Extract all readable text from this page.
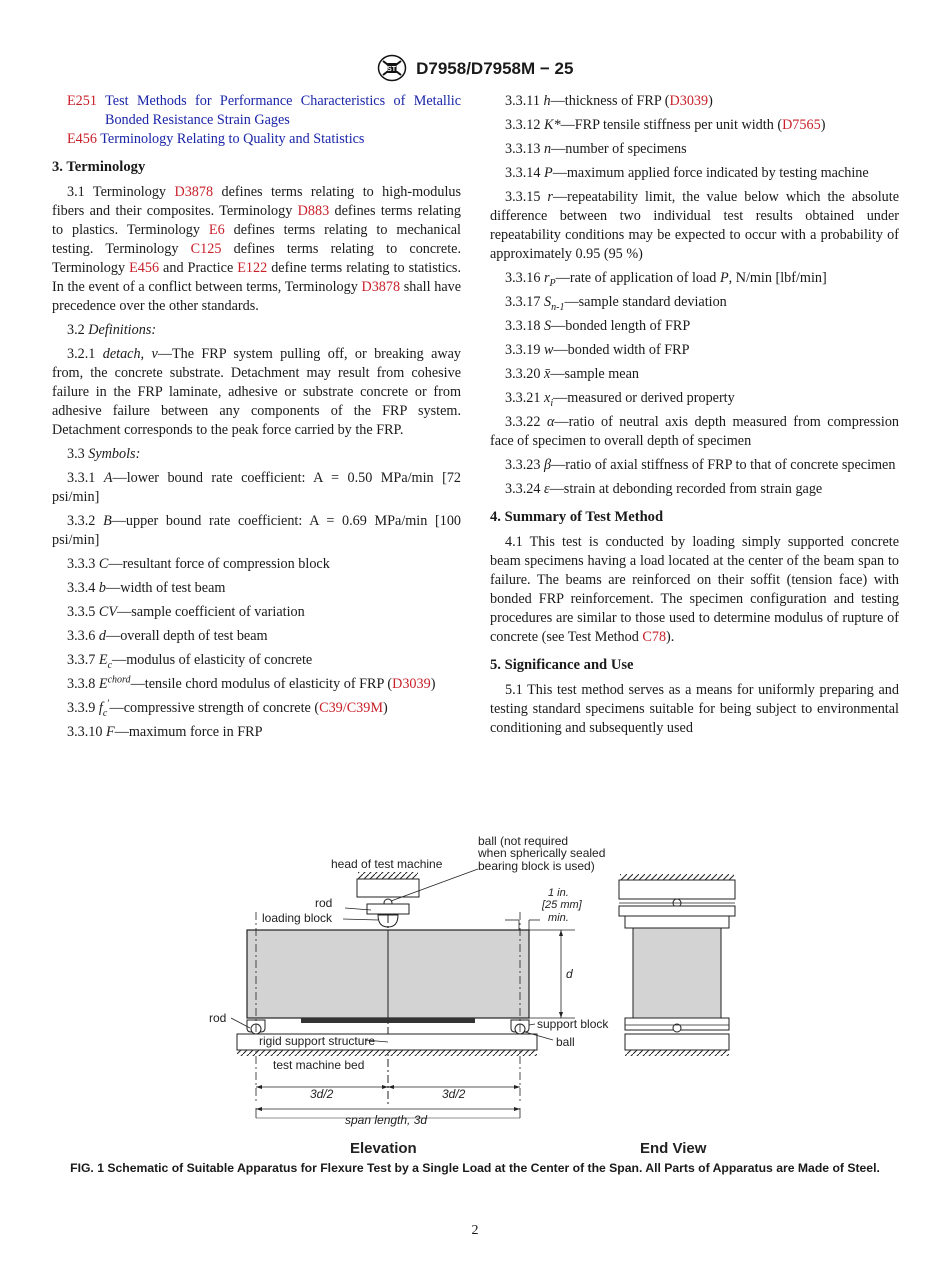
ASTM D7958/D7958M − 25

E251 Test Methods for Performance Characteristics of Metallic Bonded Resistance Strain Gages

E456 Terminology Relating to Quality and Statistics

3. Terminology

3.1 Terminology D3878 defines terms relating to high-modulus fibers and their composites. Terminology D883 defines terms relating to plastics. Terminology E6 defines terms relating to mechanical testing. Terminology C125 defines terms relating to concrete. Terminology E456 and Practice E122 define terms relating to statistics. In the event of a conflict between terms, Terminology D3878 shall have precedence over the other standards.

3.2 Definitions:

3.2.1 detach, v—The FRP system pulling off, or breaking away from, the concrete substrate. Detachment may result from cohesive failure in the FRP laminate, adhesive or substrate concrete or from adhesive failure between any components of the FRP system. Detachment corresponds to the peak force carried by the FRP.

3.3 Symbols:

3.3.1 A—lower bound rate coefficient: A = 0.50 MPa/min [72 psi/min]

3.3.2 B—upper bound rate coefficient: A = 0.69 MPa/min [100 psi/min]

3.3.3 C—resultant force of compression block

3.3.4 b—width of test beam

3.3.5 CV—sample coefficient of variation

3.3.6 d—overall depth of test beam

3.3.7 $E_c—modulus$ of elasticity of concrete

3.3.8 $E^{chord}—tensile$ chord modulus of elasticity of FRP (D3039)

3.3.9 $f_c'—compressive$ strength of concrete (C39/C39M)

3.3.10 F—maximum force in FRP

3.3.11 h—thickness of FRP (D3039)

3.3.12 K*—FRP tensile stiffness per unit width (D7565)

3.3.13 n—number of specimens

3.3.14 P—maximum applied force indicated by testing machine

3.3.15 r—repeatability limit, the value below which the absolute difference between two individual test results obtained under repeatability conditions may be expected to occur with a probability of approximately 0.95 (95 %)

3.3.16 $r_P—rate$ of application of load P, N/min [lbf/min]

3.3.17 $S_{n-1}—sample$ standard deviation

3.3.18 S—bonded length of FRP

3.3.19 w—bonded width of FRP

3.3.20 x̄—sample mean

3.3.21 $x_i—measured$ or derived property

3.3.22 α—ratio of neutral axis depth measured from compression face of specimen to overall depth of specimen

3.3.23 β—ratio of axial stiffness of FRP to that of concrete specimen

3.3.24 ε—strain at debonding recorded from strain gage

4. Summary of Test Method

4.1 This test is conducted by loading simply supported concrete beam specimens having a load located at the center of the beam span to failure. The beams are reinforced on their soffit (tension face) with bonded FRP reinforcement. The specimen configuration and testing procedures are similar to those used to determine modulus of rupture of concrete (see Test Method C78).

5. Significance and Use

5.1 This test method serves as a means for uniformly preparing and testing standard specimens suitable for being subject to environmental conditioning and subsequently used

ball (not required
when spherically sealed
bearing block is used)
head of test machine
rod
loading block
1 in.
[25 mm]
min.
d
rod	support block
ball
rigid support structure
test machine bed
3d/2	3d/2
span length, 3d
Elevation	End View
FIG. 1 Schematic of Suitable Apparatus for Flexure Test by a Single Load at the Center of the Span. All Parts of Apparatus are Made of Steel.
2
